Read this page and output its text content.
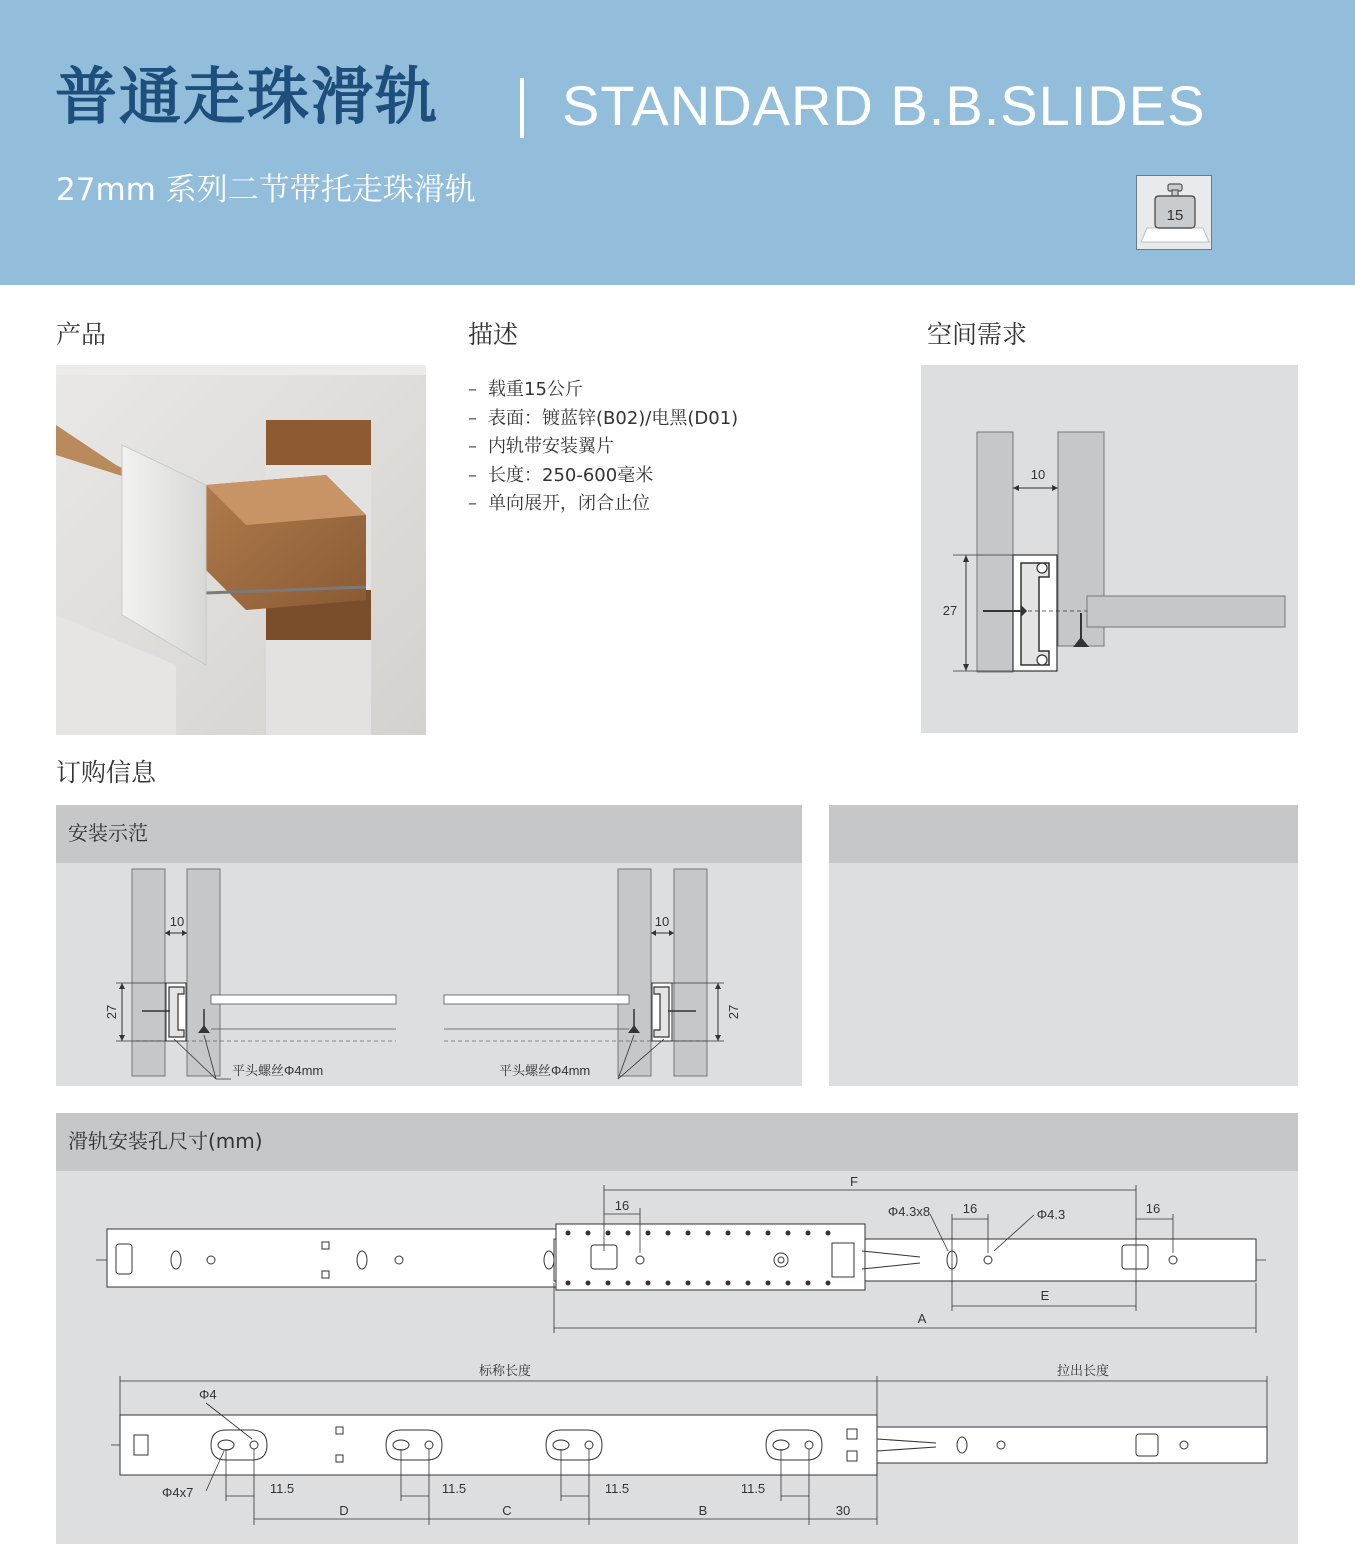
普通走珠滑轨 STANDARD B.B.SLIDES
27mm 系列二节带托走珠滑轨
15
产品	描述	空间需求
订购信息
– 载重15公斤
– 表面：镀蓝锌(B02)/电黑(D01)
– 内轨带安装翼片
– 长度：250-600毫米
– 单向展开，闭合止位
10
27
安装示范
10
27
平头螺丝Φ4mm
10
27
平头螺丝Φ4mm
滑轨安装孔尺寸(mm)
F
16	Φ4.3x8	16	Φ4.3	16
E
A
标称长度	拉出长度
Φ4
Φ4x7	11.5	11.5	11.5	11.5
D	C	B	30
